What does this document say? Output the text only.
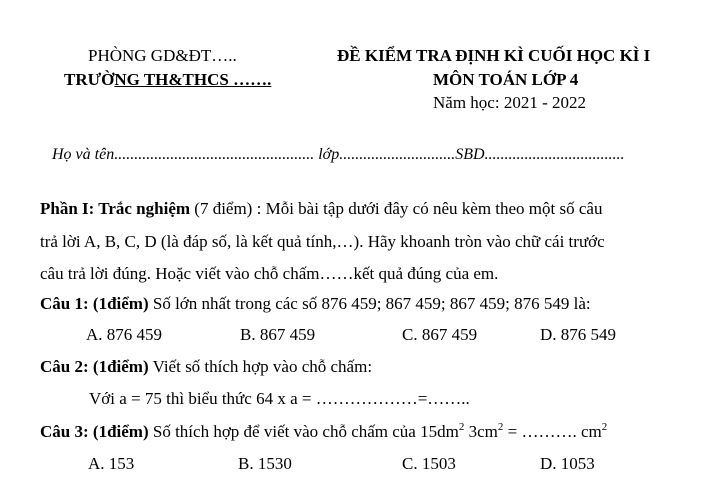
PHÒNG GD&ĐT…..
TRƯỜNG TH&THCS …….
ĐỀ KIỂM TRA ĐỊNH KÌ CUỐI HỌC KÌ I
MÔN TOÁN LỚP 4
Năm học: 2021 - 2022
Họ và tên.................................................. lớp.............................SBD...................................
Phần I: Trắc nghiệm (7 điểm) : Mỗi bài tập dưới đây có nêu kèm theo một số câu
trả lời A, B, C, D (là đáp số, là kết quả tính,…). Hãy khoanh tròn vào chữ cái trước
câu trả lời đúng. Hoặc viết vào chỗ chấm……kết quả đúng của em.
Câu 1: (1điểm) Số lớn nhất trong các số 876 459; 867 459; 867 459; 876 549 là:
A. 876 459	B. 867 459	C. 867 459	D. 876 549
Câu 2: (1điểm) Viết số thích hợp vào chỗ chấm:
Với a = 75 thì biểu thức 64 x a = ………………=……..
Câu 3: (1điểm) Số thích hợp để viết vào chỗ chấm của $15dm^2$ $3cm^2$ = ………. $cm^2$
A. 153	B. 1530	C. 1503	D. 1053
